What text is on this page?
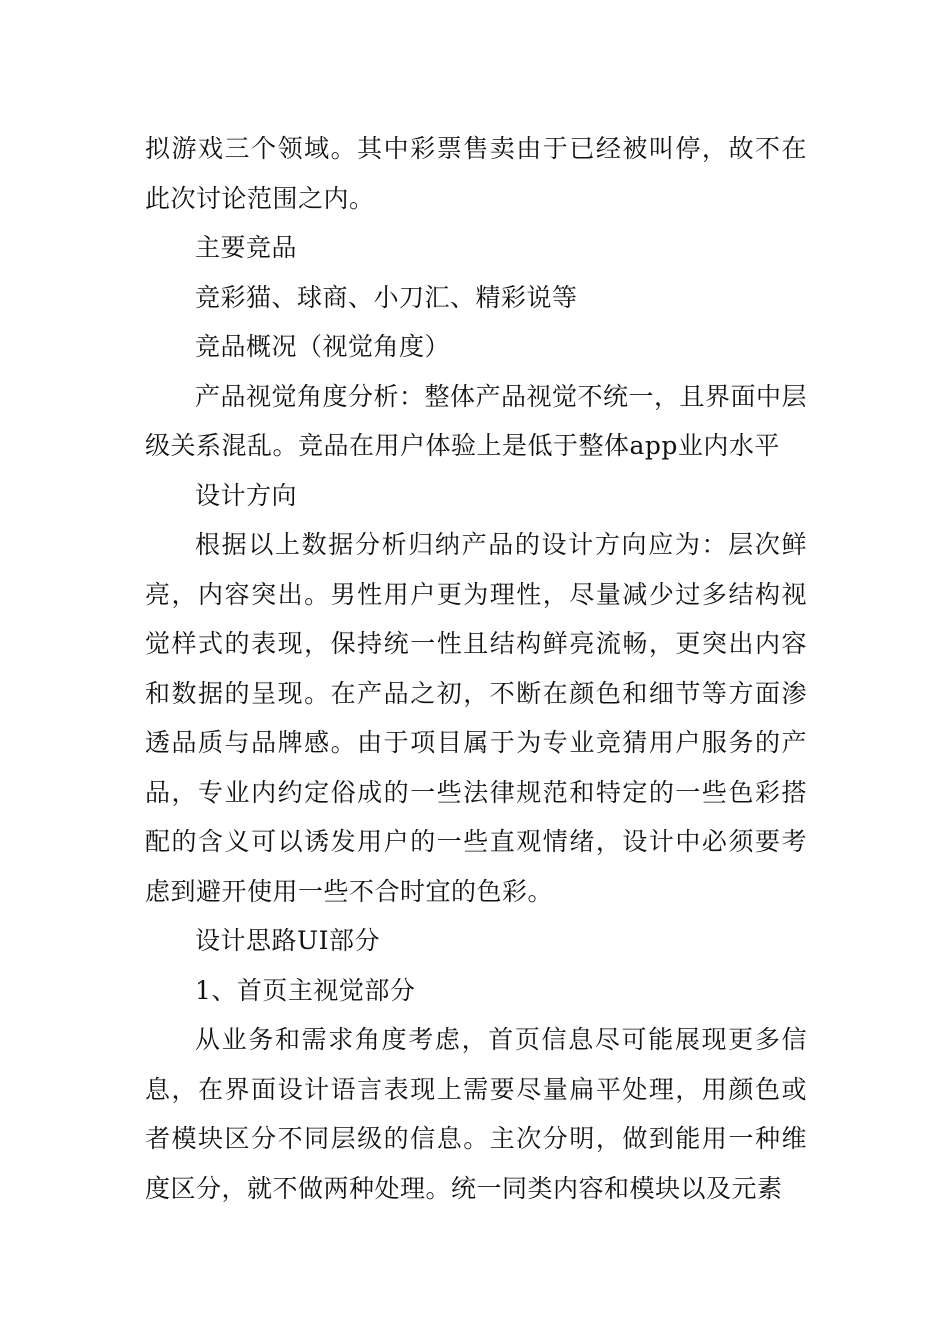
拟游戏三个领域。其中彩票售卖由于已经被叫停，故不在此次讨论范围之内。

主要竞品

竞彩猫、球商、小刀汇、精彩说等

竞品概况（视觉角度）

产品视觉角度分析：整体产品视觉不统一，且界面中层级关系混乱。竞品在用户体验上是低于整体app业内水平

设计方向

根据以上数据分析归纳产品的设计方向应为：层次鲜亮，内容突出。男性用户更为理性，尽量减少过多结构视觉样式的表现，保持统一性且结构鲜亮流畅，更突出内容和数据的呈现。在产品之初，不断在颜色和细节等方面渗透品质与品牌感。由于项目属于为专业竞猜用户服务的产品，专业内约定俗成的一些法律规范和特定的一些色彩搭配的含义可以诱发用户的一些直观情绪，设计中必须要考虑到避开使用一些不合时宜的色彩。

设计思路UI部分

1、首页主视觉部分

从业务和需求角度考虑，首页信息尽可能展现更多信息，在界面设计语言表现上需要尽量扁平处理，用颜色或者模块区分不同层级的信息。主次分明，做到能用一种维度区分，就不做两种处理。统一同类内容和模块以及元素
